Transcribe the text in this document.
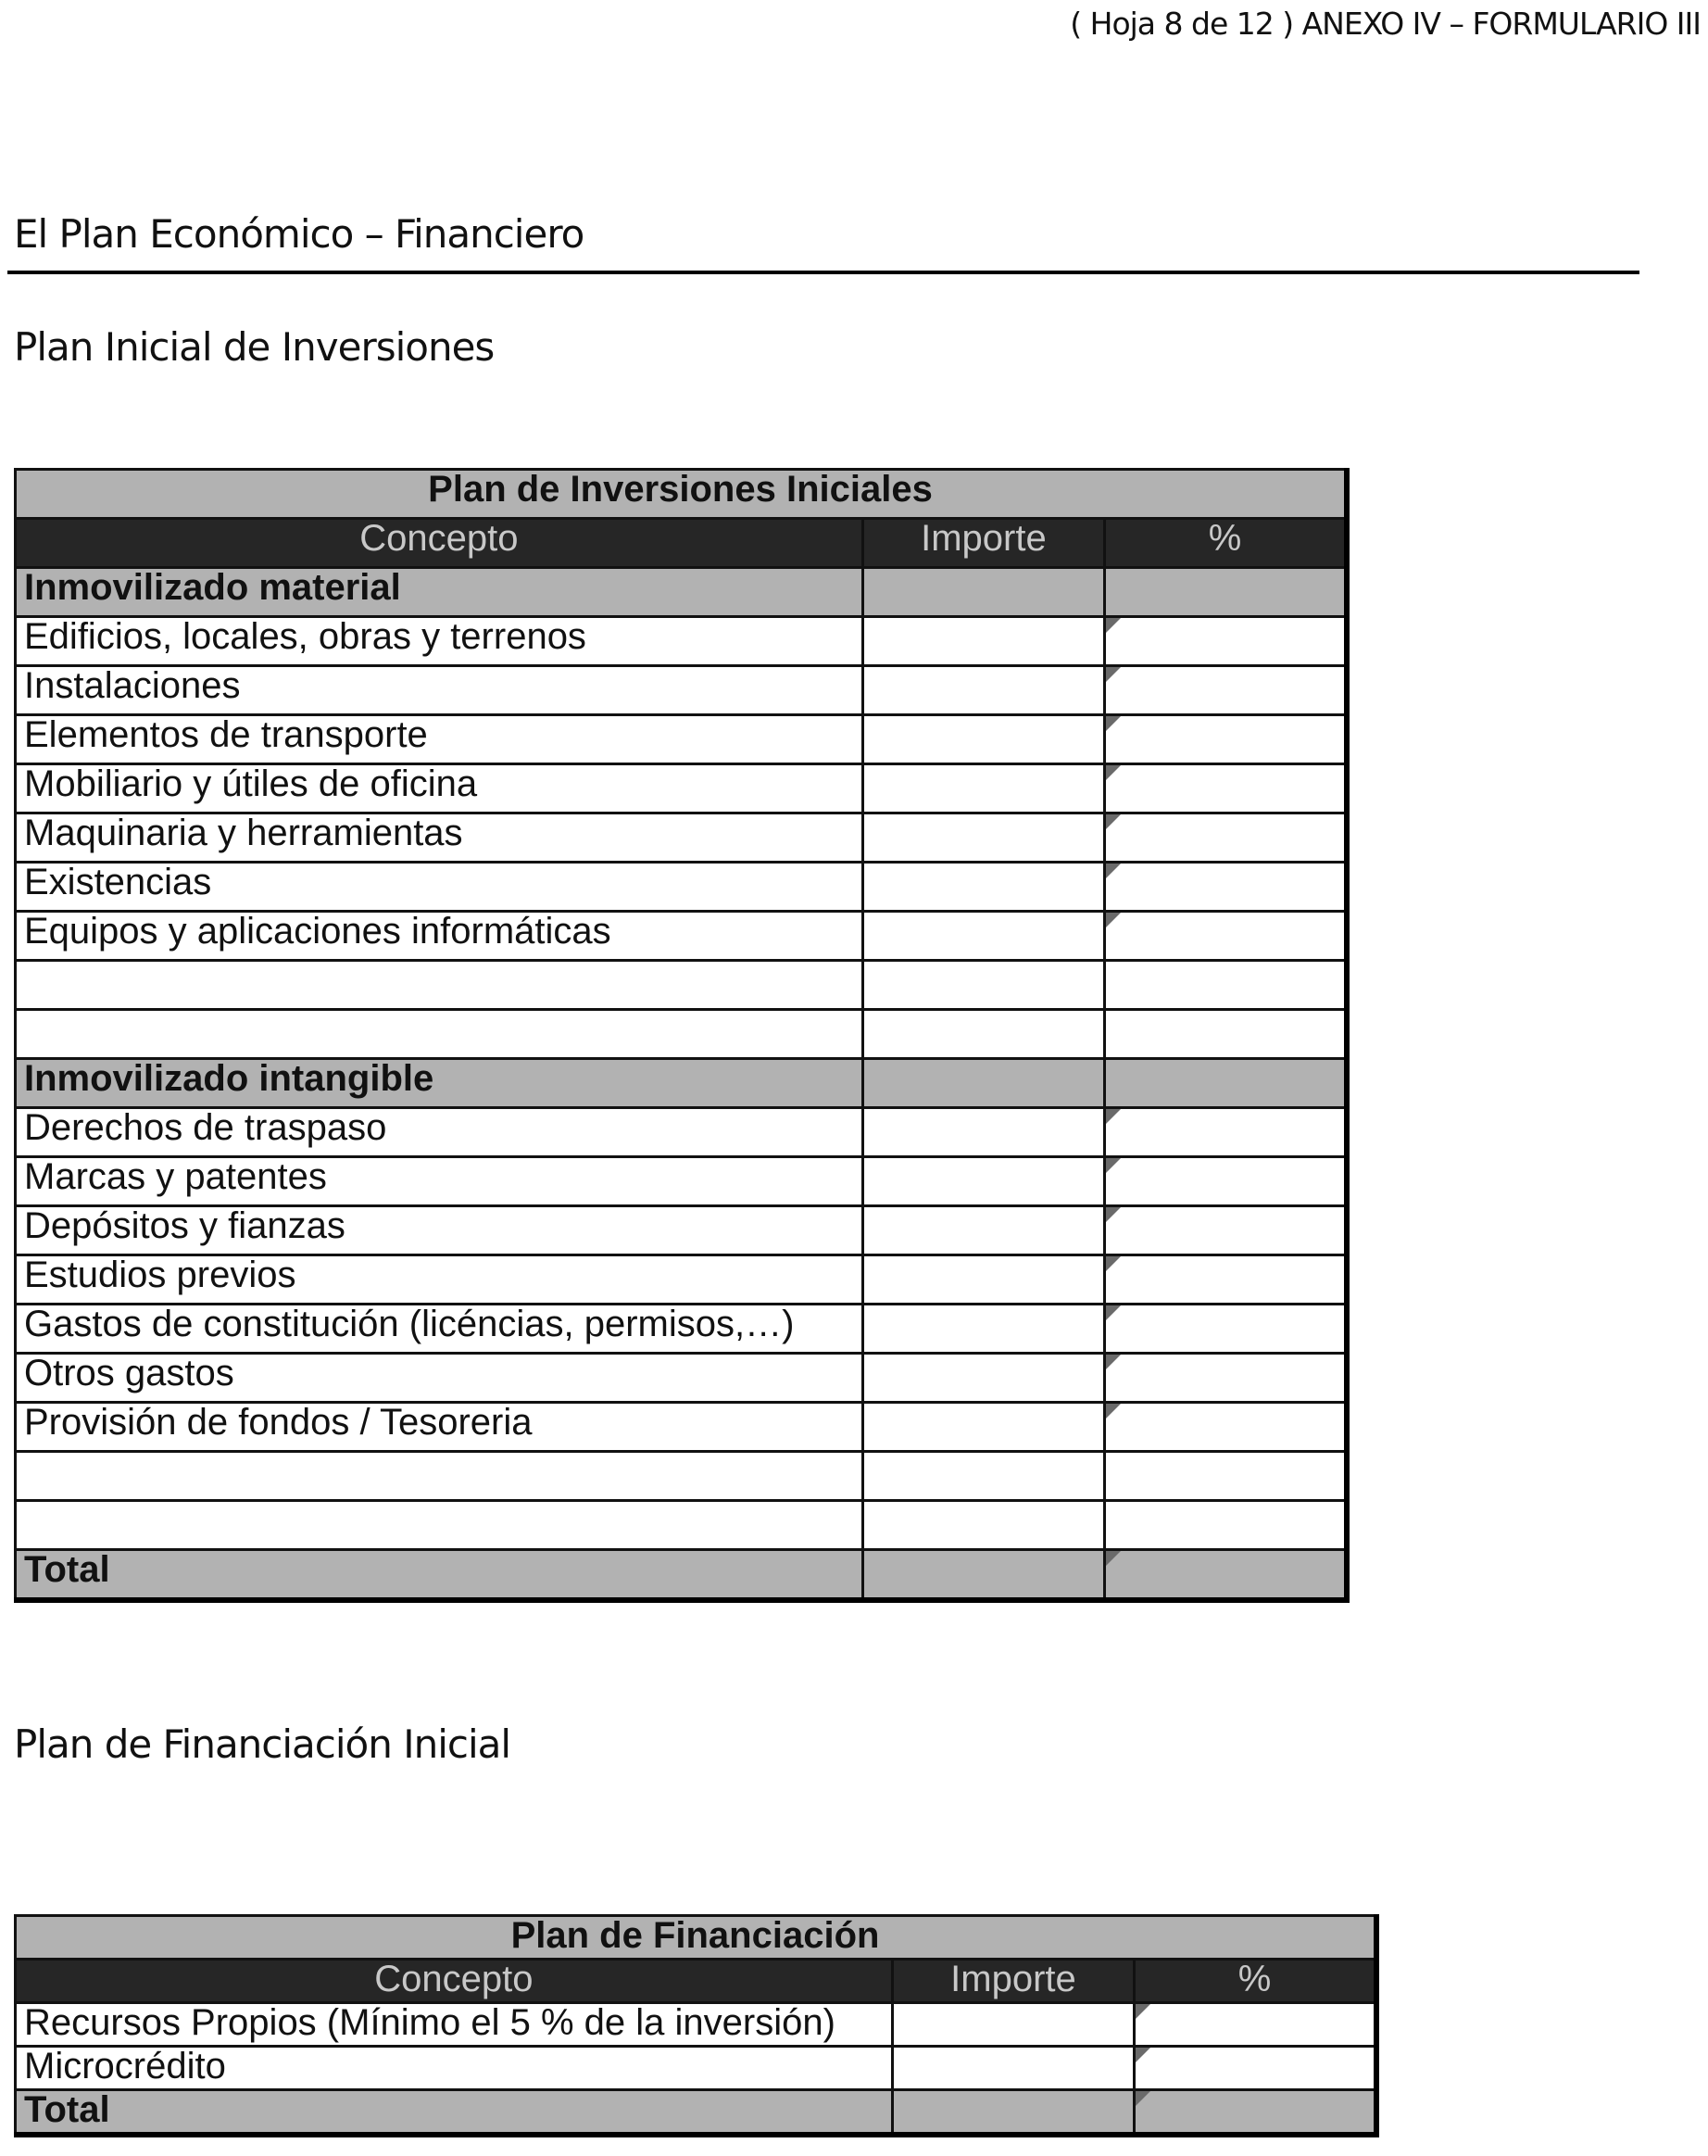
( Hoja 8 de 12 ) ANEXO IV – FORMULARIO III
El Plan Económico – Financiero
Plan Inicial de Inversiones
Plan de Inversiones Iniciales		
Concepto	Importe	%
Inmovilizado material		
Edificios, locales, obras y terrenos		
Instalaciones		
Elementos de transporte		
Mobiliario y útiles de oficina		
Maquinaria y herramientas		
Existencias		
Equipos y aplicaciones informáticas		

Inmovilizado intangible		
Derechos de traspaso		
Marcas y patentes		
Depósitos y fianzas		
Estudios previos		
Gastos de constitución (licéncias, permisos,…)		
Otros gastos		
Provisión de fondos / Tesoreria		

Total		
Plan de Financiación Inicial
Plan de Financiación		
Concepto	Importe	%
Recursos Propios (Mínimo el 5 % de la inversión)		
Microcrédito		
Total		
